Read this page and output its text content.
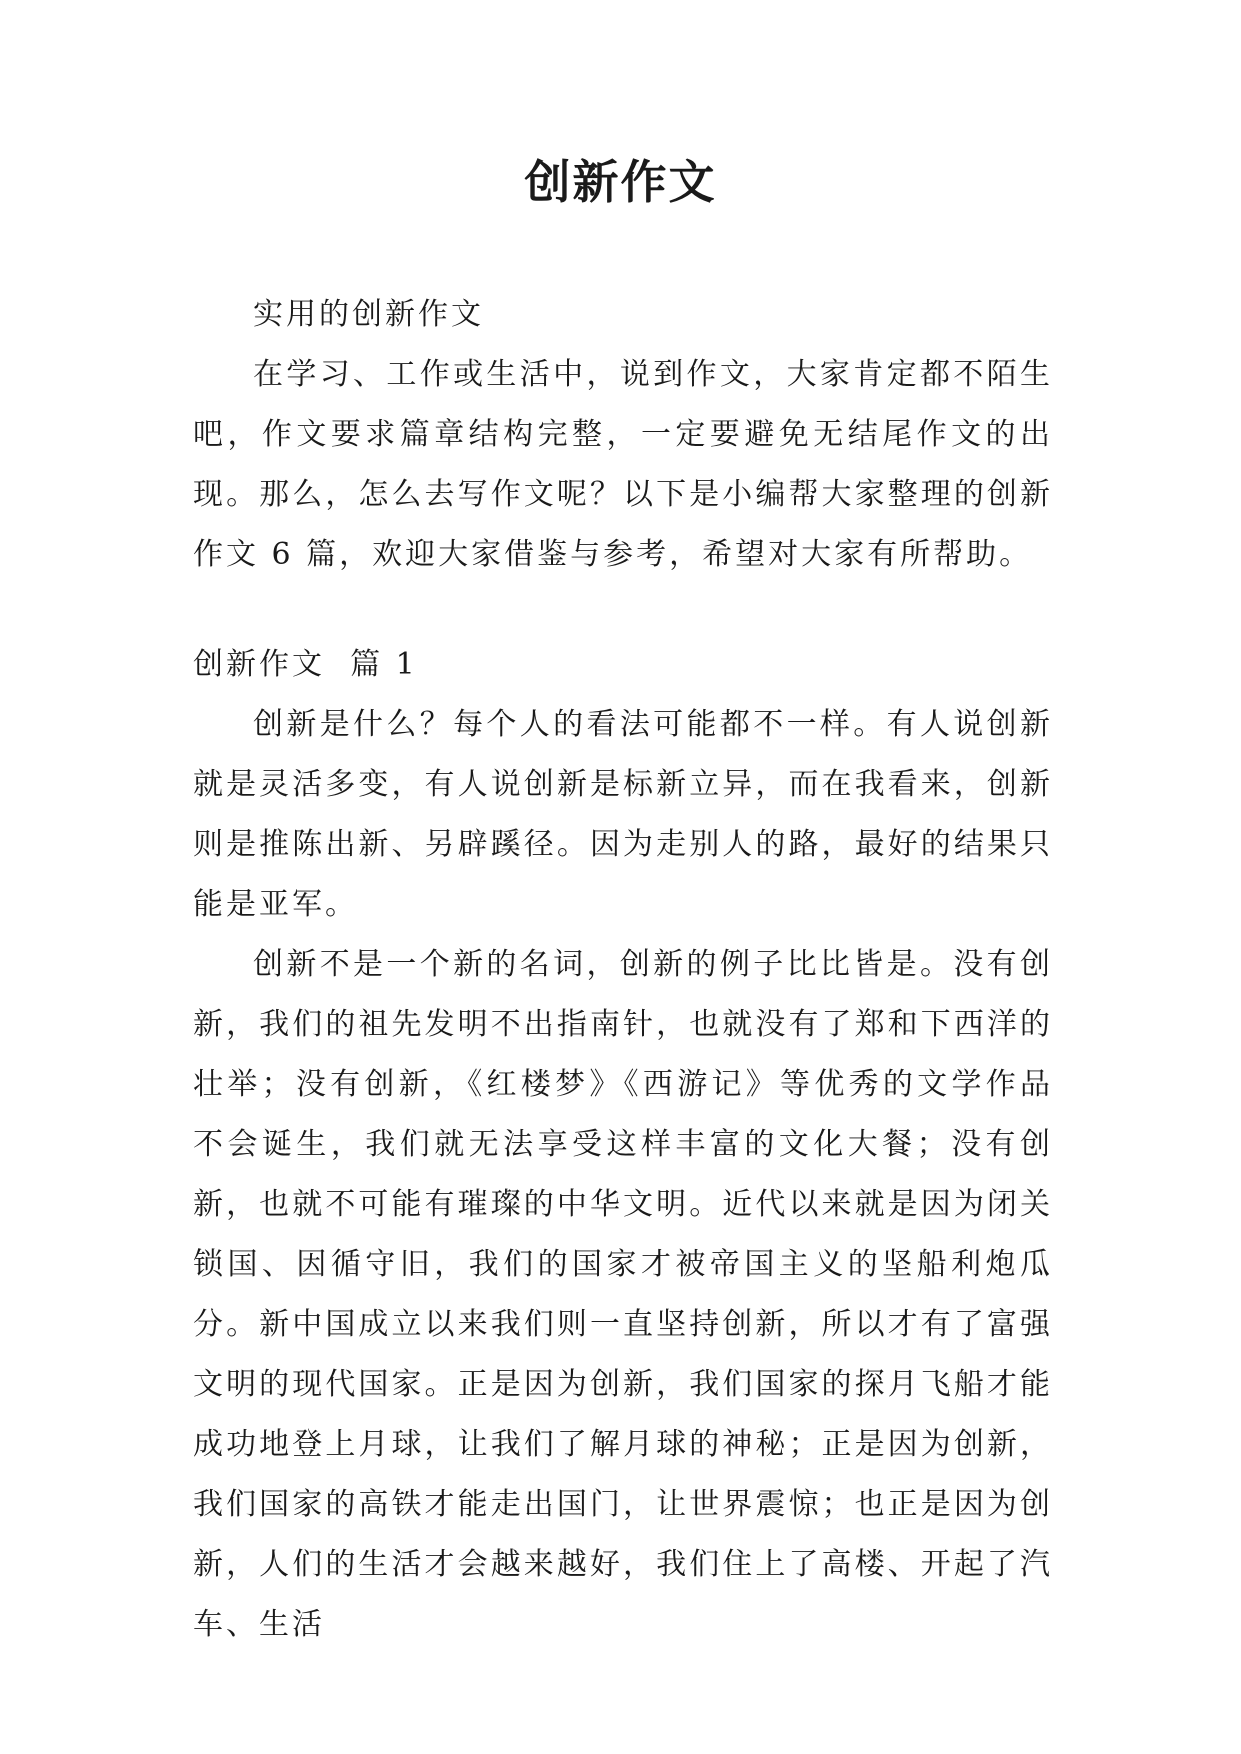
创新作文

实用的创新作文

在学习、工作或生活中，说到作文，大家肯定都不陌生吧，作文要求篇章结构完整，一定要避免无结尾作文的出现。那么，怎么去写作文呢？以下是小编帮大家整理的创新作文 6 篇，欢迎大家借鉴与参考，希望对大家有所帮助。

创新作文  篇 1

创新是什么？每个人的看法可能都不一样。有人说创新就是灵活多变，有人说创新是标新立异，而在我看来，创新则是推陈出新、另辟蹊径。因为走别人的路，最好的结果只能是亚军。

创新不是一个新的名词，创新的例子比比皆是。没有创新，我们的祖先发明不出指南针，也就没有了郑和下西洋的壮举；没有创新，《红楼梦》《西游记》等优秀的文学作品不会诞生，我们就无法享受这样丰富的文化大餐；没有创新，也就不可能有璀璨的中华文明。近代以来就是因为闭关锁国、因循守旧，我们的国家才被帝国主义的坚船利炮瓜分。新中国成立以来我们则一直坚持创新，所以才有了富强文明的现代国家。正是因为创新，我们国家的探月飞船才能成功地登上月球，让我们了解月球的神秘；正是因为创新，我们国家的高铁才能走出国门，让世界震惊；也正是因为创新，人们的生活才会越来越好，我们住上了高楼、开起了汽车、生活
